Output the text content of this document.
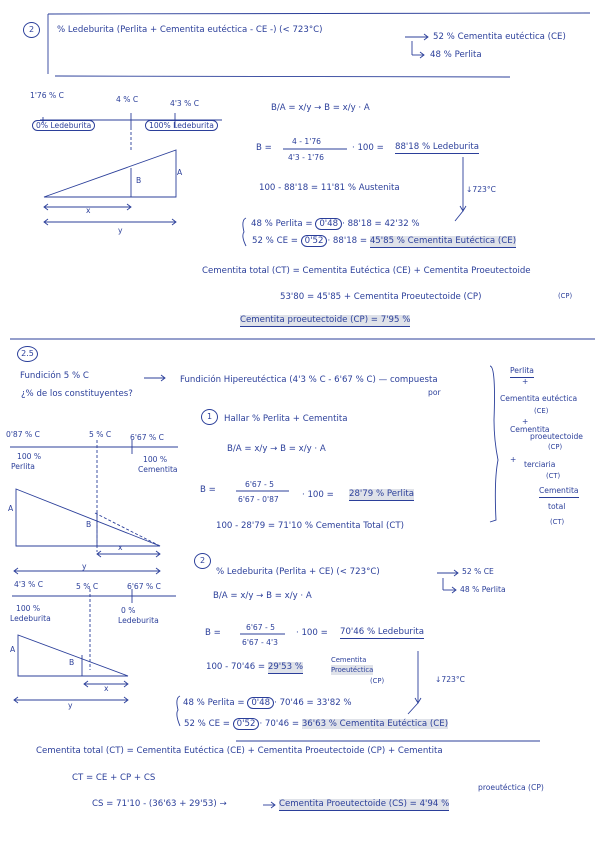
2	% Ledeburita (Perlita + Cementita eutéctica - CE -) (< 723°C)
52 % Cementita eutéctica (CE)
48 % Perlita
1'76 % C	4 % C	4'3 % C
0% Ledeburita	100% Ledeburita
B
A
x
y
B/A = x/y → B = x/y · A
B =
4 - 1'76
4'3 - 1'76
· 100 = 88'18 % Ledeburita
100 - 88'18 = 11'81 % Austenita	↓723°C
48 % Perlita = 0'48 · 88'18 = 42'32 %
52 % CE = 0'52 · 88'18 = 45'85 % Cementita Eutéctica (CE)
Cementita total (CT) = Cementita Eutéctica (CE) + Cementita Proeutectoide
(CP)
53'80 = 45'85 + Cementita Proeutectoide (CP)
Cementita proeutectoide (CP) = 7'95 %
2.5
Fundición 5 % C
¿% de los constituyentes?
Fundición Hipereutéctica (4'3 % C - 6'67 % C) — compuesta
por
Perlita
+
Cementita eutéctica
(CE)
+
Cementita
proeutectoide
(CP)
+
terciaria
(CT)
Cementita
total
(CT)
0'87 % C	5 % C 6'67 % C
100 %
Perlita
100 %
Cementita
A
B
x
y
1	Hallar % Perlita + Cementita
B/A = x/y → B = x/y · A
B =
6'67 - 5
6'67 - 0'87	· 100 = 28'79 % Perlita
100 - 28'79 = 71'10 % Cementita Total (CT)
4'3 % C	5 % C	6'67 % C
100 %
Ledeburita
0 %
Ledeburita
A
B
x
y
2
% Ledeburita (Perlita + CE) (< 723°C)	52 % CE
48 % Perlita
B/A = x/y → B = x/y · A
B =
6'67 - 5
6'67 - 4'3
· 100 = 70'46 % Ledeburita
100 - 70'46 = 29'53 %
Cementita
Proeutéctica
(CP)	↓723°C
48 % Perlita = 0'48 · 70'46 = 33'82 %
52 % CE = 0'52 · 70'46 = 36'63 % Cementita Eutéctica (CE)
Cementita total (CT) = Cementita Eutéctica (CE) + Cementita Proeutectoide (CP) + Cementita
proeutéctica (CP)
CT = CE + CP + CS
CS = 71'10 - (36'63 + 29'53) →	Cementita Proeutectoide (CS) = 4'94 %
